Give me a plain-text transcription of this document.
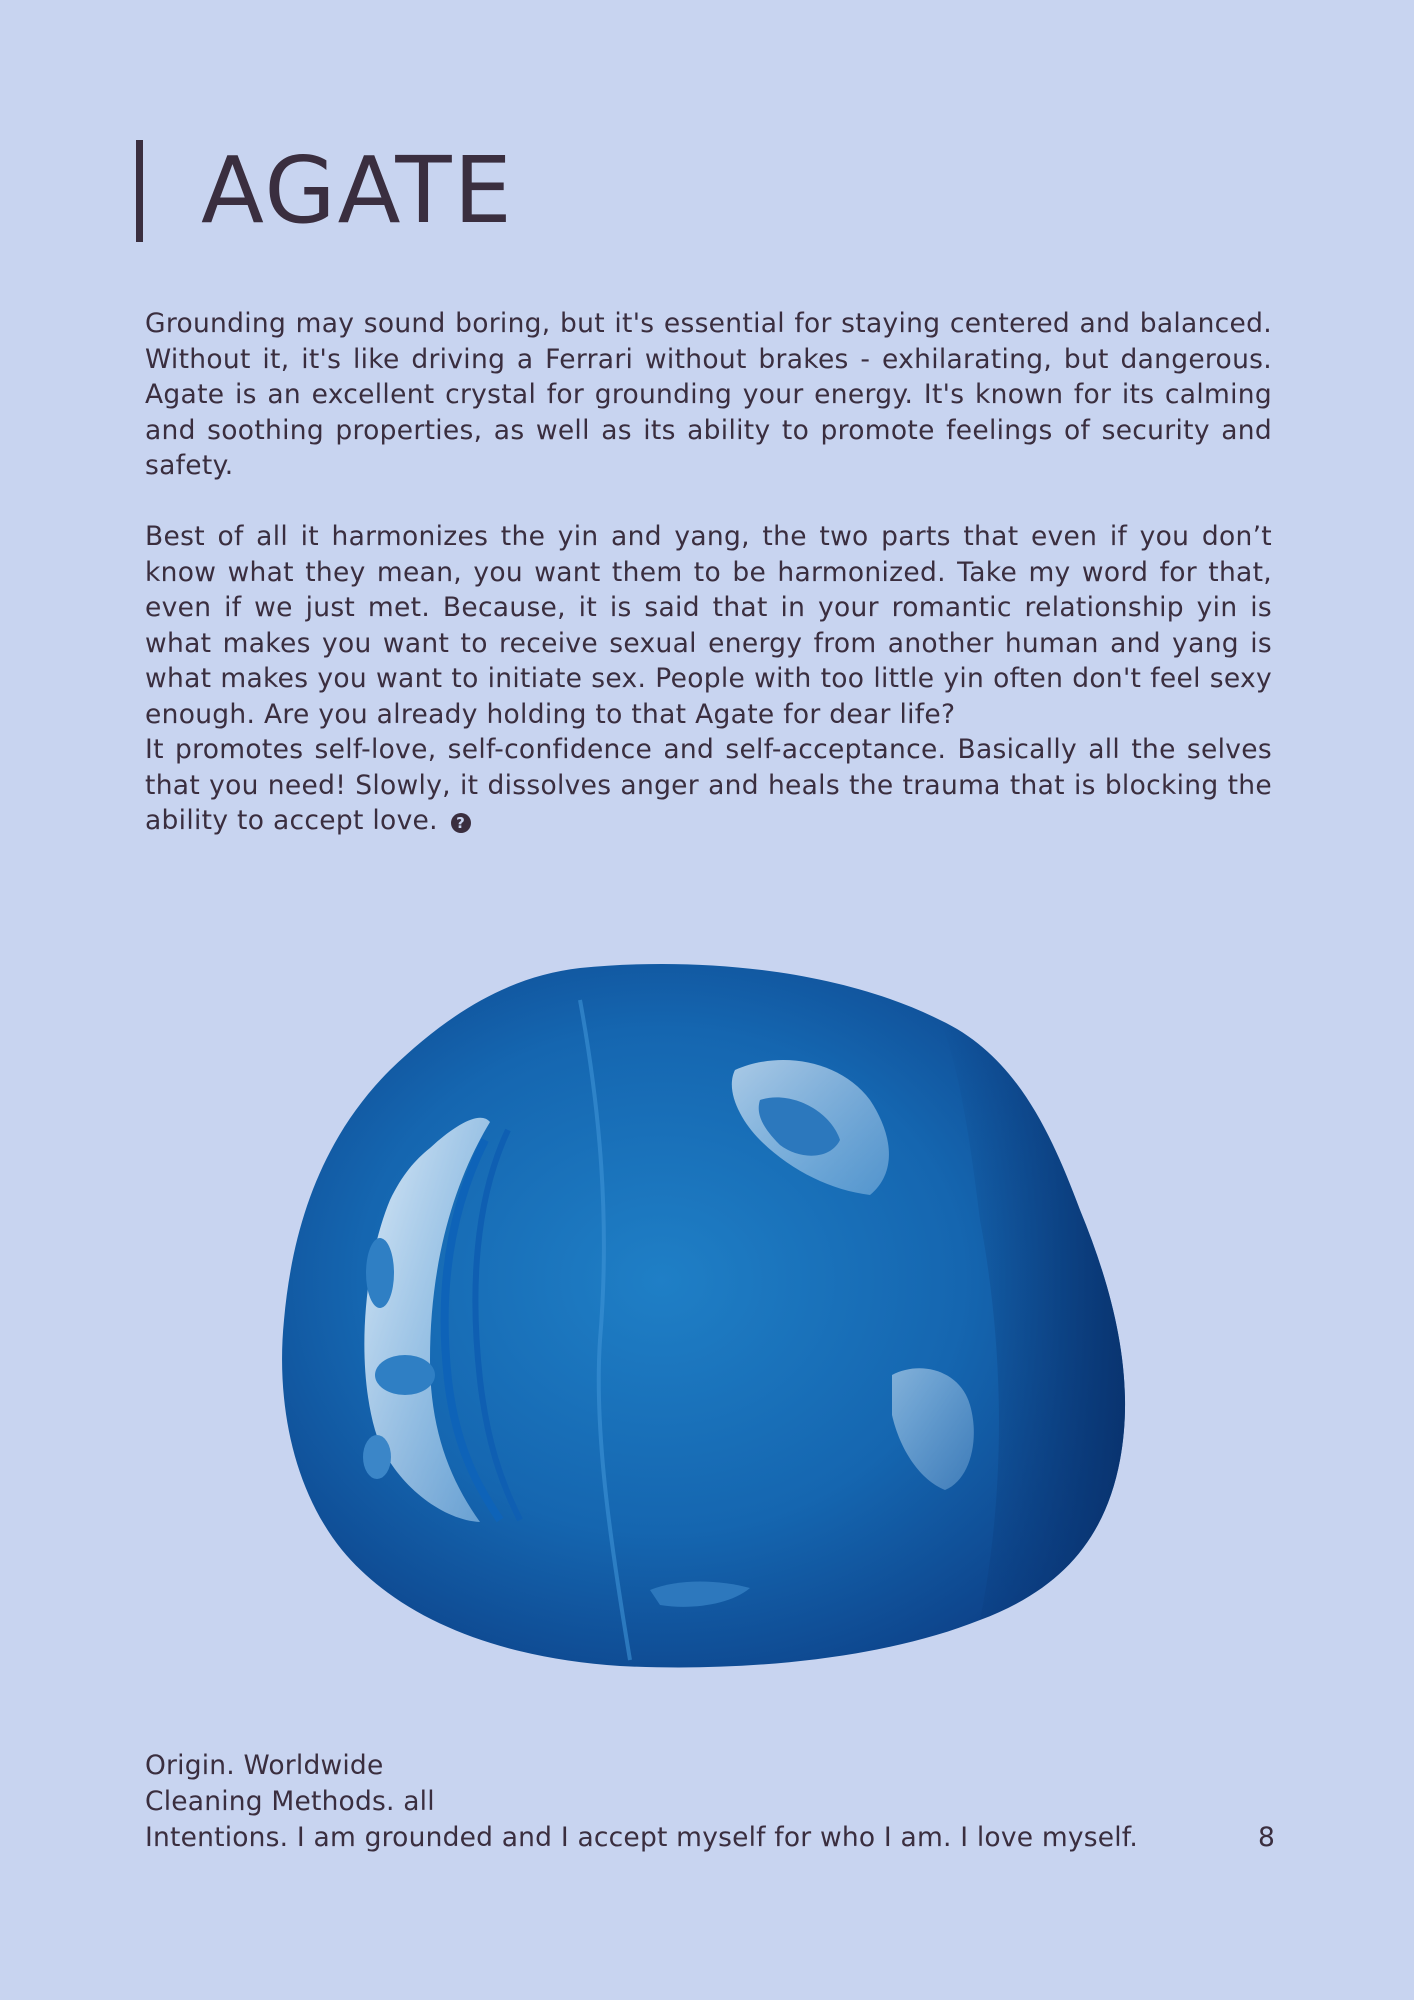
AGATE

Grounding may sound boring, but it's essential for staying centered and balanced. Without it, it's like driving a Ferrari without brakes - exhilarating, but dangerous. Agate is an excellent crystal for grounding your energy. It's known for its calming and soothing properties, as well as its ability to promote feelings of security and safety.

Best of all it harmonizes the yin and yang, the two parts that even if you don’t know what they mean, you want them to be harmonized. Take my word for that, even if we just met. Because, it is said that in your romantic relationship yin is what makes you want to receive sexual energy from another human and yang is what makes you want to initiate sex. People with too little yin often don't feel sexy enough. Are you already holding to that Agate for dear life?

It promotes self-love, self-confidence and self-acceptance. Basically all the selves that you need! Slowly, it dissolves anger and heals the trauma that is blocking the ability to accept love. ?

Origin. Worldwide
Cleaning Methods. all
Intentions. I am grounded and I accept myself for who I am. I love myself.	8
